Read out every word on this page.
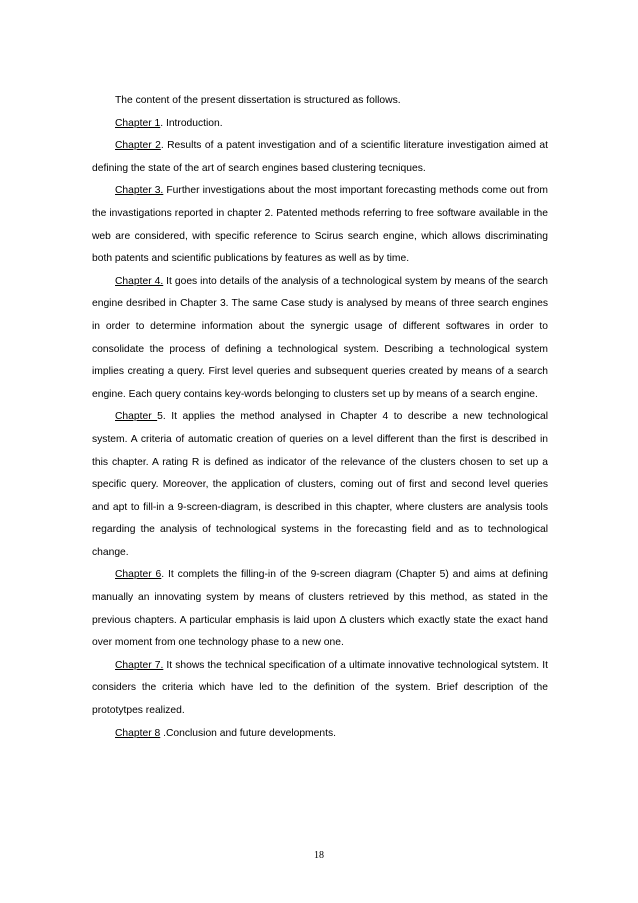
The content of the present dissertation is structured as follows.

Chapter 1. Introduction.

Chapter 2. Results of a patent investigation and of a scientific literature investigation aimed at defining the state of the art of search engines based clustering tecniques.

Chapter 3. Further investigations about the most important forecasting methods come out from the invastigations reported in chapter 2. Patented methods referring to free software available in the web are considered, with specific reference to Scirus search engine, which allows discriminating both patents and scientific publications by features as well as by time.

Chapter 4. It goes into details of the analysis of a technological system by means of the search engine desribed in Chapter 3. The same Case study is analysed by means of three search engines in order to determine information about the synergic usage of different softwares in order to consolidate the process of defining a technological system. Describing a technological system implies creating a query. First level queries and subsequent queries created by means of a search engine. Each query contains key-words belonging to clusters set up by means of a search engine.

Chapter 5. It applies the method analysed in Chapter 4 to describe a new technological system. A criteria of automatic creation of queries on a level different than the first is described in this chapter. A rating R is defined as indicator of the relevance of the clusters chosen to set up a specific query. Moreover, the application of clusters, coming out of first and second level queries and apt to fill-in a 9-screen-diagram, is described in this chapter, where clusters are analysis tools regarding the analysis of technological systems in the forecasting field and as to technological change.

Chapter 6. It complets the filling-in of the 9-screen diagram (Chapter 5) and aims at defining manually an innovating system by means of clusters retrieved by this method, as stated in the previous chapters. A particular emphasis is laid upon Δ clusters which exactly state the exact hand over moment from one technology phase to a new one.

Chapter 7. It shows the technical specification of a ultimate innovative technological sytstem. It considers the criteria which have led to the definition of the system. Brief description of the prototytpes realized.

Chapter 8 .Conclusion and future developments.

18
